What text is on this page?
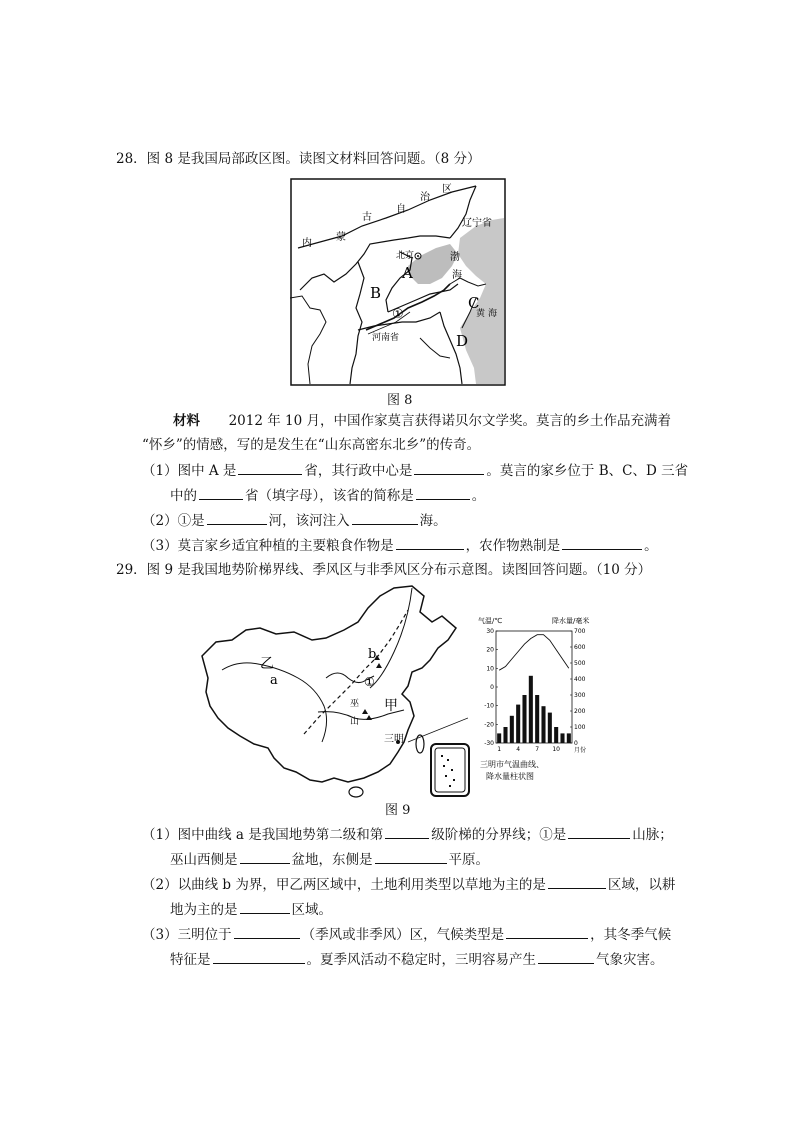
28．图 8 是我国局部政区图。读图文材料回答问题。（8 分）
内
蒙
古
自
治
区
辽宁省
北京	渤
海
A
B
C
D
①
河南省
黄 海
图 8
材料 2012 年 10 月，中国作家莫言获得诺贝尔文学奖。莫言的乡土作品充满着
“怀乡”的情感，写的是发生在“山东高密东北乡”的传奇。
（1）图中 A 是	省，其行政中心是	。莫言的家乡位于 B、C、D 三省
中的	省（填字母），该省的简称是	。
（2）①是	河，该河注入	海。
（3）莫言家乡适宜种植的主要粮食作物是	，农作物熟制是	。
29．图 9 是我国地势阶梯界线、季风区与非季风区分布示意图。读图回答问题。（10 分）
乙
a
b
甲
①
巫
山
三明
气温/℃	降水量/毫米
30
20
10
0
-10
-20
-30
700
600
500
400
300
200
100
0
1	4	7 10 月份
三明市气温曲线、
降水量柱状图
图 9
（1）图中曲线 a 是我国地势第二级和第	级阶梯的分界线；①是	山脉；
巫山西侧是	盆地，东侧是	平原。
（2）以曲线 b 为界，甲乙两区域中，土地利用类型以草地为主的是	区域，以耕
地为主的是	区域。
（3）三明位于	（季风或非季风）区，气候类型是	，其冬季气候
特征是	。夏季风活动不稳定时，三明容易产生	气象灾害。
